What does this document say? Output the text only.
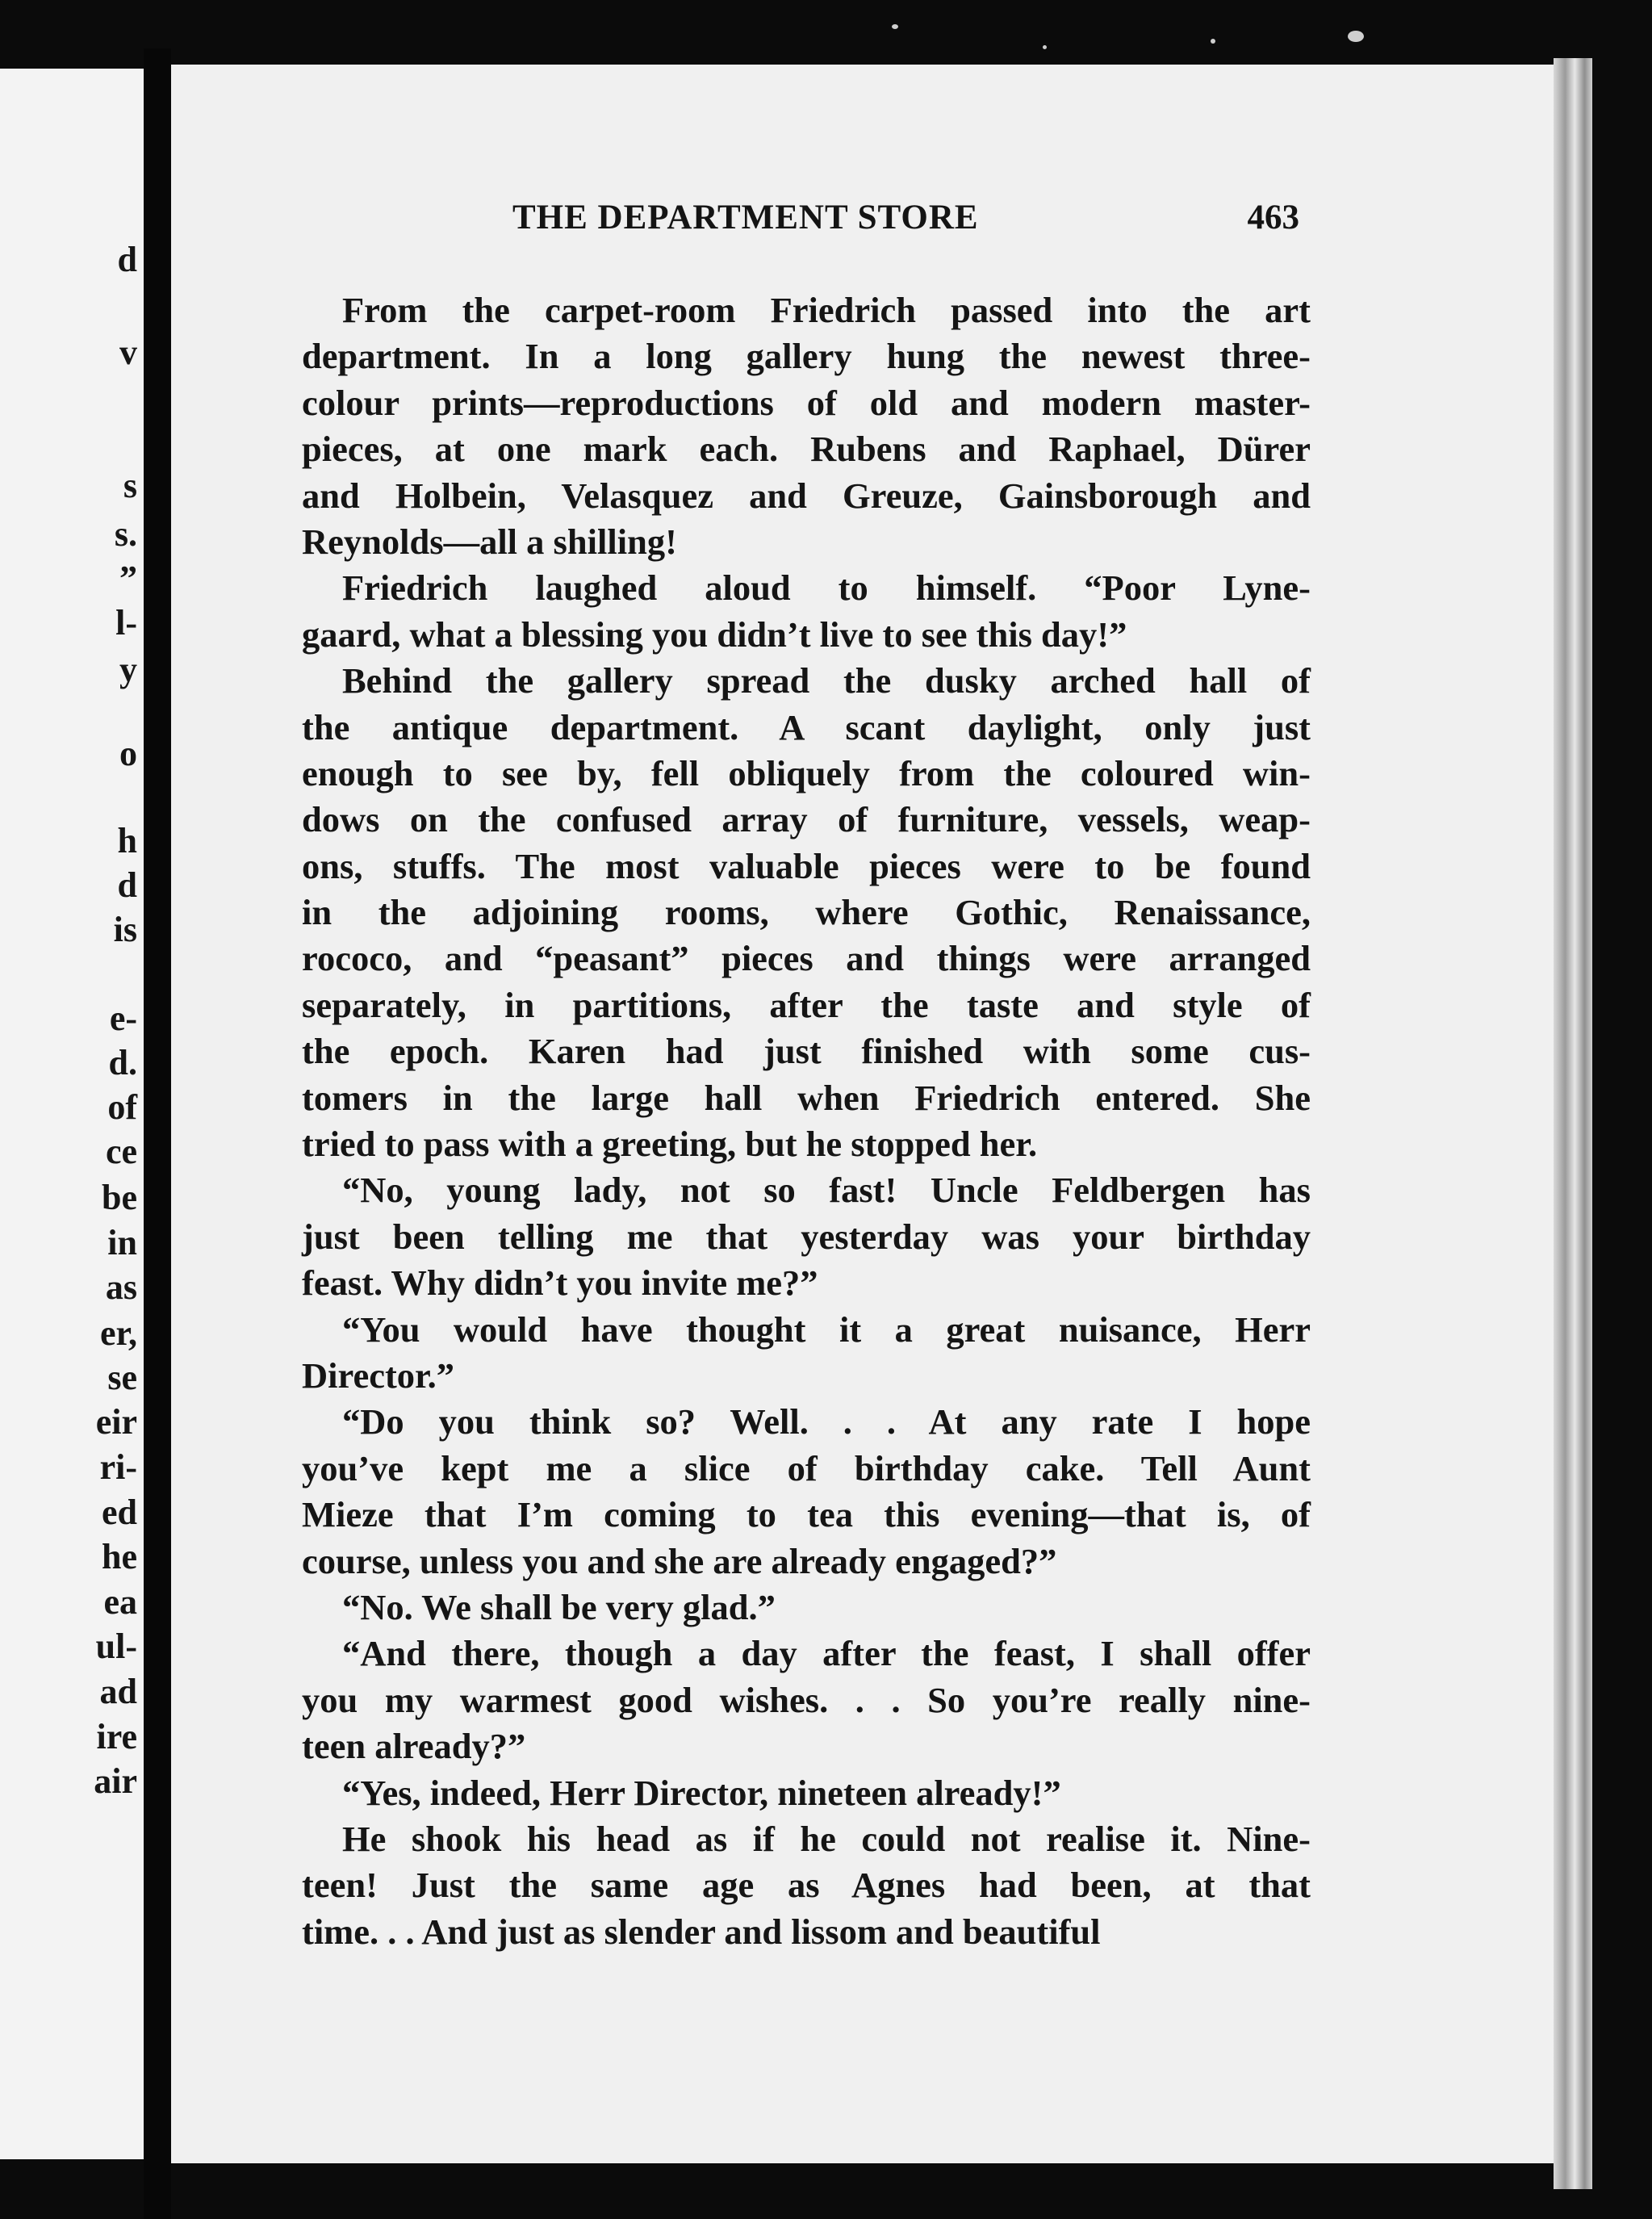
d
v
s
s.
”
l-
y
o
h
d
is
e-
d.
of
ce
be
in
as
er,
se
eir
ri-
ed
he
ea
ul-
ad
ire
air
THE DEPARTMENT STORE	463
From the carpet-room Friedrich passed into the art
department. In a long gallery hung the newest three-
colour prints—reproductions of old and modern master-
pieces, at one mark each. Rubens and Raphael, Dürer
and Holbein, Velasquez and Greuze, Gainsborough and
Reynolds—all a shilling!
Friedrich laughed aloud to himself. “Poor Lyne-
gaard, what a blessing you didn’t live to see this day!”
Behind the gallery spread the dusky arched hall of
the antique department. A scant daylight, only just
enough to see by, fell obliquely from the coloured win-
dows on the confused array of furniture, vessels, weap-
ons, stuffs. The most valuable pieces were to be found
in the adjoining rooms, where Gothic, Renaissance,
rococo, and “peasant” pieces and things were arranged
separately, in partitions, after the taste and style of
the epoch. Karen had just finished with some cus-
tomers in the large hall when Friedrich entered. She
tried to pass with a greeting, but he stopped her.
“No, young lady, not so fast! Uncle Feldbergen has
just been telling me that yesterday was your birthday
feast. Why didn’t you invite me?”
“You would have thought it a great nuisance, Herr
Director.”
“Do you think so? Well. . . At any rate I hope
you’ve kept me a slice of birthday cake. Tell Aunt
Mieze that I’m coming to tea this evening—that is, of
course, unless you and she are already engaged?”
“No. We shall be very glad.”
“And there, though a day after the feast, I shall offer
you my warmest good wishes. . . So you’re really nine-
teen already?”
“Yes, indeed, Herr Director, nineteen already!”
He shook his head as if he could not realise it. Nine-
teen! Just the same age as Agnes had been, at that
time. . . And just as slender and lissom and beautiful
